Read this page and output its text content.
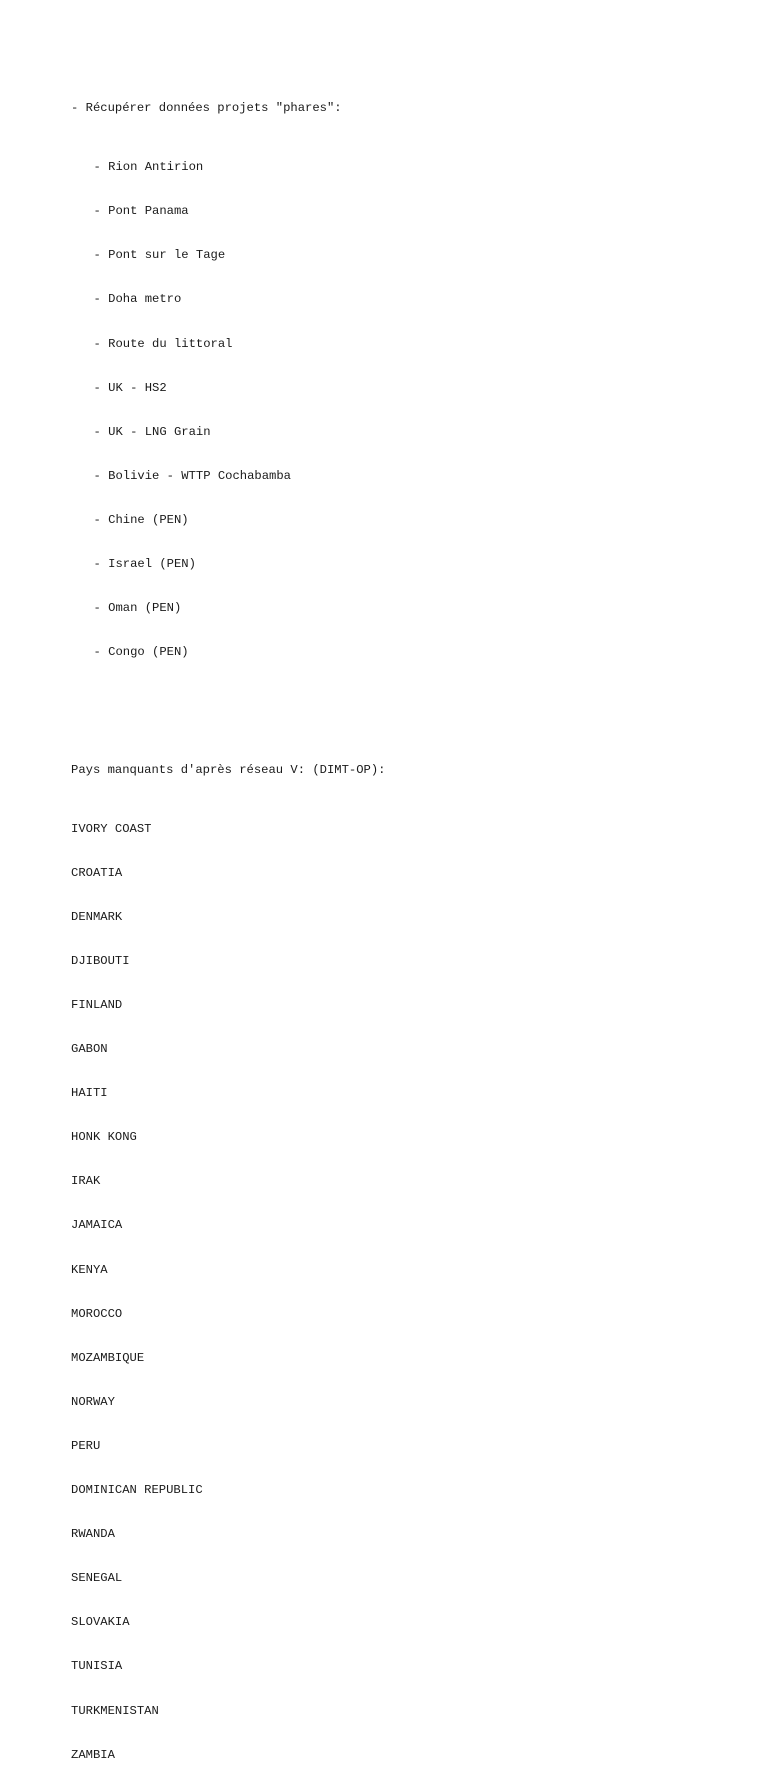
- Récupérer données projets "phares":

- Rion Antirion

- Pont Panama

- Pont sur le Tage

- Doha metro

- Route du littoral

- UK - HS2

- UK - LNG Grain

- Bolivie - WTTP Cochabamba

- Chine (PEN)

- Israel (PEN)

- Oman (PEN)

- Congo (PEN)

Pays manquants d'après réseau V: (DIMT-OP):

IVORY COAST

CROATIA

DENMARK

DJIBOUTI

FINLAND

GABON

HAITI

HONK KONG

IRAK

JAMAICA

KENYA

MOROCCO

MOZAMBIQUE

NORWAY

PERU

DOMINICAN REPUBLIC

RWANDA

SENEGAL

SLOVAKIA

TUNISIA

TURKMENISTAN

ZAMBIA
